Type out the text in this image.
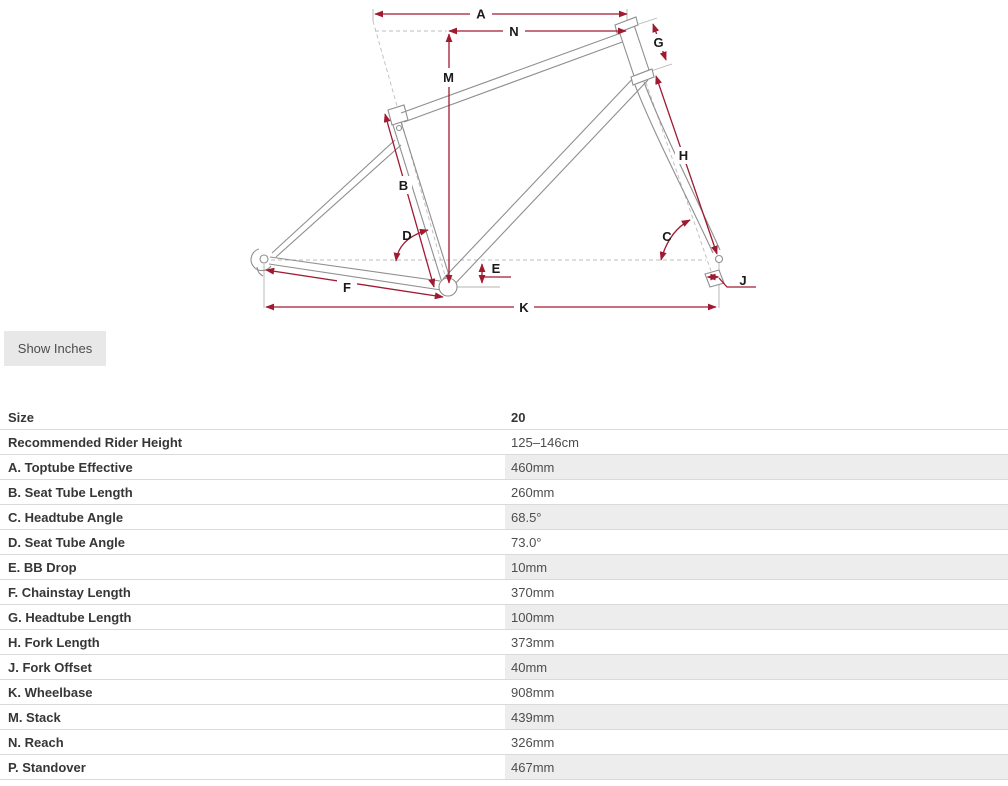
A
N
M
G
B
D	C
H
E
F	J
K
Show Inches
Size	20
Recommended Rider Height	125–146cm
A. Toptube Effective	460mm
B. Seat Tube Length	260mm
C. Headtube Angle	68.5°
D. Seat Tube Angle	73.0°
E. BB Drop	10mm
F. Chainstay Length	370mm
G. Headtube Length	100mm
H. Fork Length	373mm
J. Fork Offset	40mm
K. Wheelbase	908mm
M. Stack	439mm
N. Reach	326mm
P. Standover	467mm
